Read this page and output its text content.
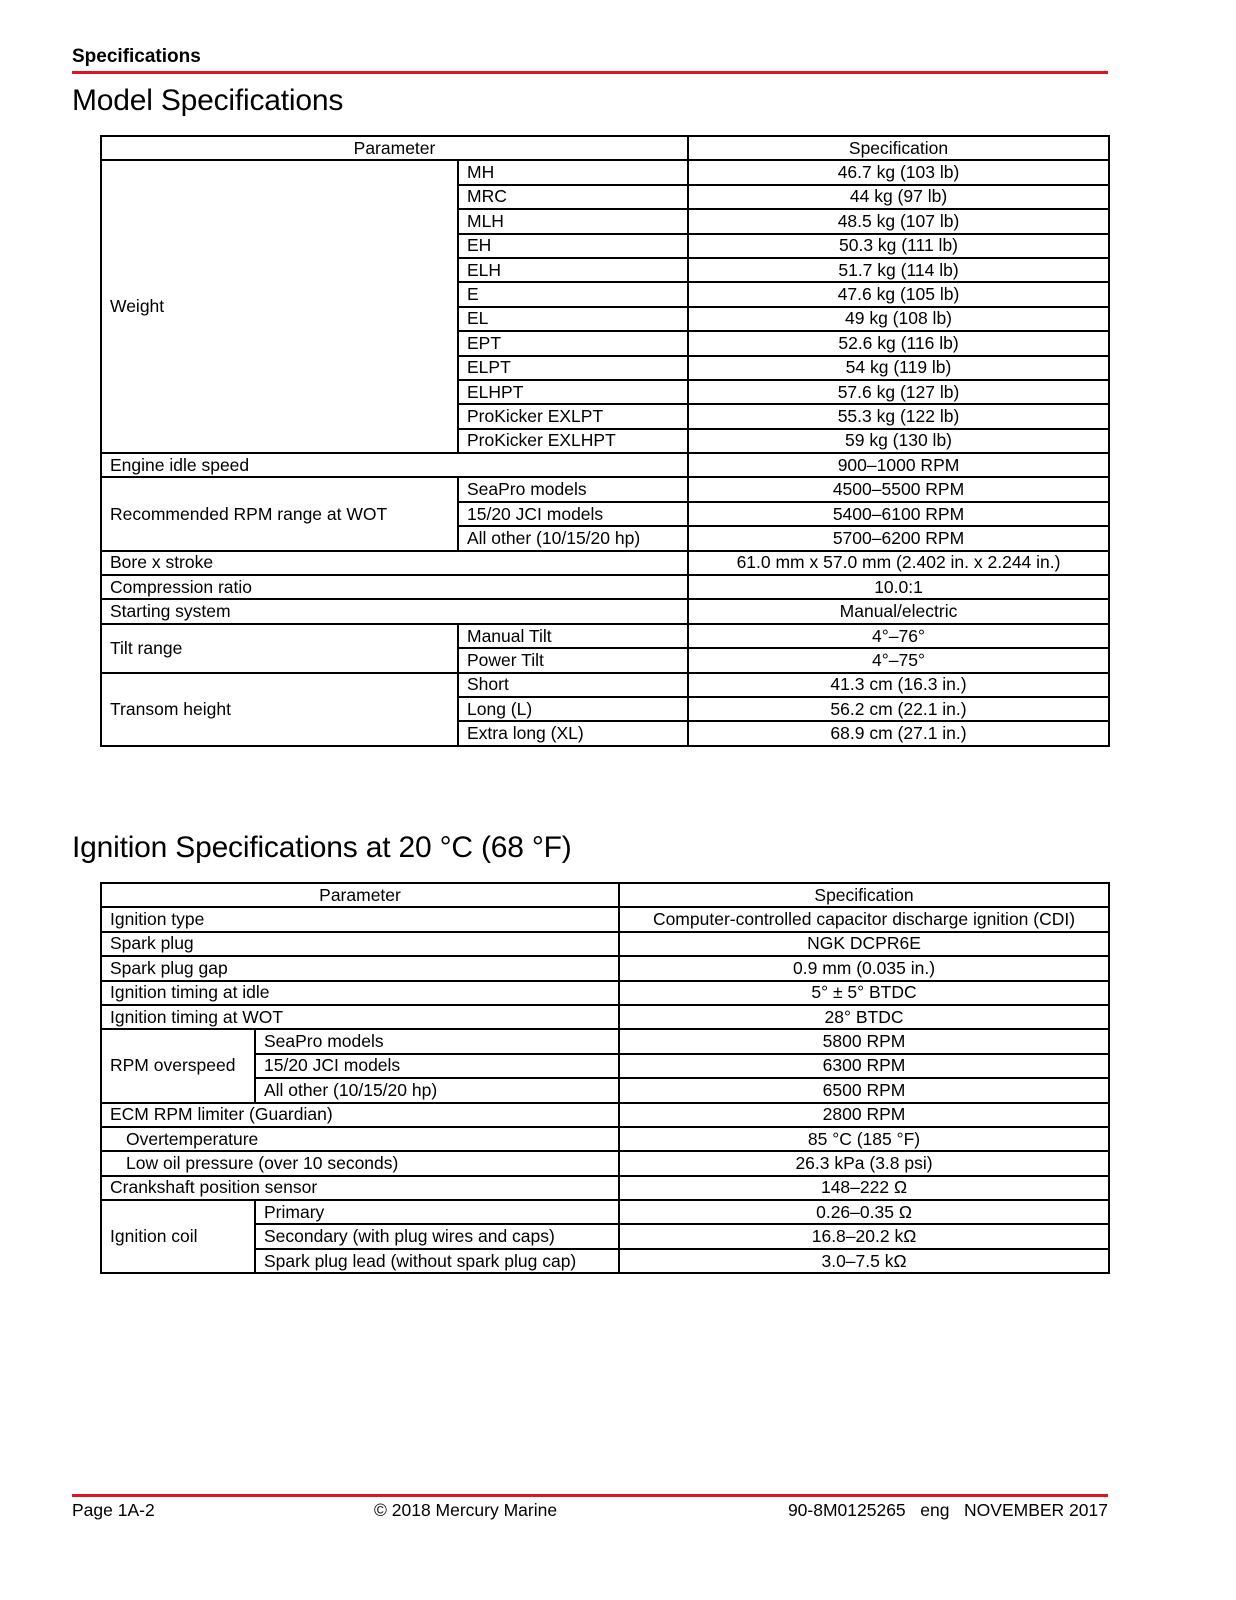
Specifications
Model Specifications
Parameter		Specification
Weight	MH	46.7 kg (103 lb)
	MRC	44 kg (97 lb)
	MLH	48.5 kg (107 lb)
	EH	50.3 kg (111 lb)
	ELH	51.7 kg (114 lb)
	E	47.6 kg (105 lb)
	EL	49 kg (108 lb)
	EPT	52.6 kg (116 lb)
	ELPT	54 kg (119 lb)
	ELHPT	57.6 kg (127 lb)
	ProKicker EXLPT	55.3 kg (122 lb)
	ProKicker EXLHPT	59 kg (130 lb)
Engine idle speed		900–1000 RPM
Recommended RPM range at WOT	SeaPro models	4500–5500 RPM
	15/20 JCI models	5400–6100 RPM
	All other (10/15/20 hp)	5700–6200 RPM
Bore x stroke		61.0 mm x 57.0 mm (2.402 in. x 2.244 in.)
Compression ratio		10.0:1
Starting system		Manual/electric
Tilt range	Manual Tilt	4°–76°
	Power Tilt	4°–75°
Transom height	Short	41.3 cm (16.3 in.)
	Long (L)	56.2 cm (22.1 in.)
	Extra long (XL)	68.9 cm (27.1 in.)
Ignition Specifications at 20 °C (68 °F)
Parameter		Specification
Ignition type		Computer-controlled capacitor discharge ignition (CDI)
Spark plug		NGK DCPR6E
Spark plug gap		0.9 mm (0.035 in.)
Ignition timing at idle		5° ± 5° BTDC
Ignition timing at WOT		28° BTDC
RPM overspeed	SeaPro models	5800 RPM
	15/20 JCI models	6300 RPM
	All other (10/15/20 hp)	6500 RPM
ECM RPM limiter (Guardian)		2800 RPM
Overtemperature		85 °C (185 °F)
Low oil pressure (over 10 seconds)		26.3 kPa (3.8 psi)
Crankshaft position sensor		148–222 Ω
Ignition coil	Primary	0.26–0.35 Ω
	Secondary (with plug wires and caps)	16.8–20.2 kΩ
	Spark plug lead (without spark plug cap)	3.0–7.5 kΩ
Page 1A-2	© 2018 Mercury Marine	90-8M0125265   eng   NOVEMBER 2017
